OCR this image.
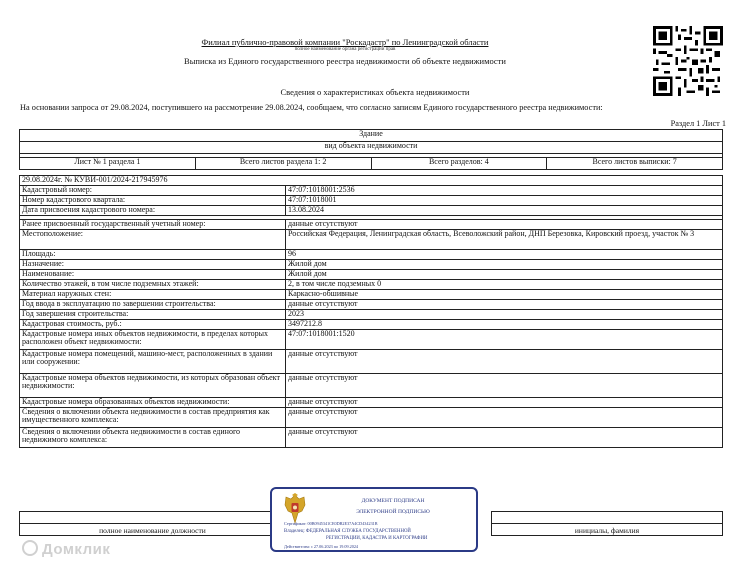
Филиал публично-правовой компании "Роскадастр" по Ленинградской области
полное наименование органа регистрации прав
Выписка из Единого государственного реестра недвижимости об объекте недвижимости
Сведения о характеристиках объекта недвижимости
На основании запроса от 29.08.2024, поступившего на рассмотрение 29.08.2024, сообщаем, что согласно записям Единого государственного реестра недвижимости:
Раздел 1 Лист 1
Здание
вид объекта недвижимости

Лист № 1 раздела 1	Всего листов раздела 1: 2	Всего разделов: 4	Всего листов выписки: 7
29.08.2024г. № КУВИ-001/2024-217945976	
Кадастровый номер:	47:07:1018001:2536
Номер кадастрового квартала:	47:07:1018001
Дата присвоения кадастрового номера:	13.08.2024

Ранее присвоенный государственный учетный номер:	данные отсутствуют
Местоположение:	Российская Федерация, Ленинградская область, Всеволожский район, ДНП Березовка, Кировский проезд, участок № 3
Площадь:	96
Назначение:	Жилой дом
Наименование:	Жилой дом
Количество этажей, в том числе подземных этажей:	2, в том числе подземных 0
Материал наружных стен:	Каркасно-обшивные
Год ввода в эксплуатацию по завершении строительства:	данные отсутствуют
Год завершения строительства:	2023
Кадастровая стоимость, руб.:	3497212.8
Кадастровые номера иных объектов недвижимости, в пределах которых расположен объект недвижимости:	47:07:1018001:1520
Кадастровые номера помещений, машино-мест, расположенных в здании или сооружении:	данные отсутствуют
Кадастровые номера объектов недвижимости, из которых образован объект недвижимости:	данные отсутствуют
Кадастровые номера образованных объектов недвижимости:	данные отсутствуют
Сведения о включении объекта недвижимости в состав предприятия как имущественного комплекса:	данные отсутствуют
Сведения о включении объекта недвижимости в состав единого недвижимого комплекса:	данные отсутствуют

полное наименование должности		инициалы, фамилия
ДОКУМЕНТ ПОДПИСАН
ЭЛЕКТРОННОЙ ПОДПИСЬЮ
Сертификат: 00B0945341CE0DB2E37A4CD434231B
Владелец: ФЕДЕРАЛЬНАЯ СЛУЖБА ГОСУДАРСТВЕННОЙ
РЕГИСТРАЦИИ, КАДАСТРА И КАРТОГРАФИИ
Действителен: с 27.06.2023 по 19.09.2024
Домклик
